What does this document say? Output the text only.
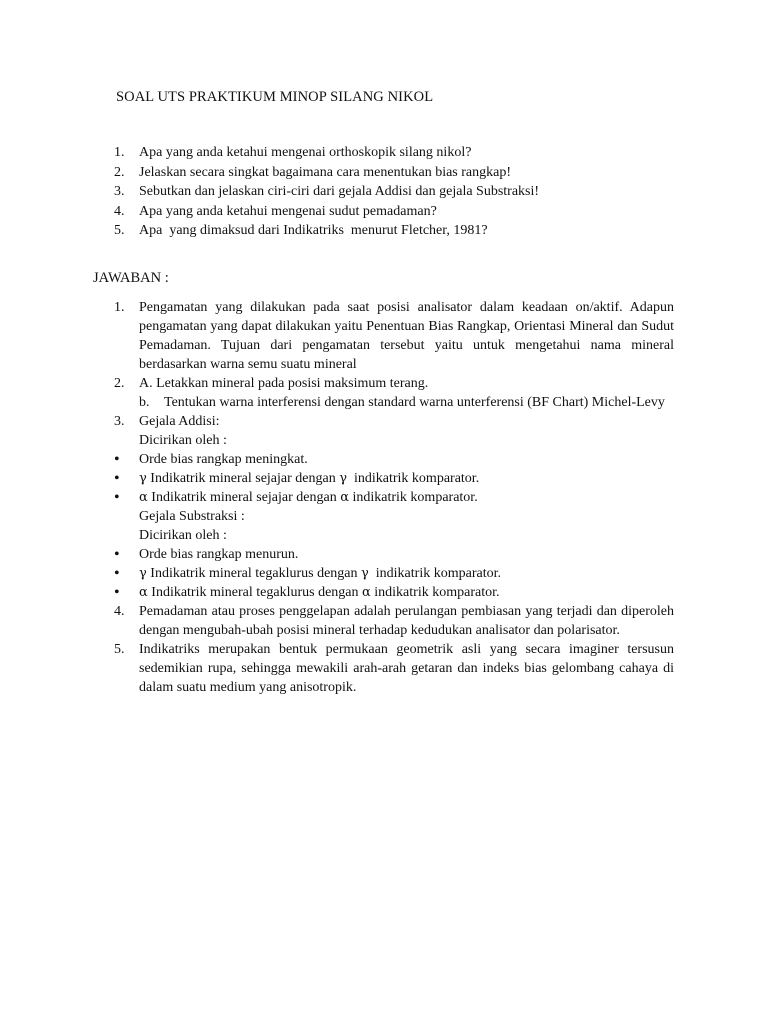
SOAL UTS PRAKTIKUM MINOP SILANG NIKOL
1.	Apa yang anda ketahui mengenai orthoskopik silang nikol?
2.	Jelaskan secara singkat bagaimana cara menentukan bias rangkap!
3.	Sebutkan dan jelaskan ciri-ciri dari gejala Addisi dan gejala Substraksi!
4.	Apa yang anda ketahui mengenai sudut pemadaman?
5.	Apa  yang dimaksud dari Indikatriks  menurut Fletcher, 1981?
JAWABAN :
1.	Pengamatan yang dilakukan pada saat posisi analisator dalam keadaan on/aktif. Adapun pengamatan yang dapat dilakukan yaitu Penentuan Bias Rangkap, Orientasi Mineral dan Sudut Pemadaman. Tujuan dari pengamatan tersebut yaitu untuk mengetahui nama mineral berdasarkan warna semu suatu mineral
2.	A. Letakkan mineral pada posisi maksimum terang.
b.	Tentukan warna interferensi dengan standard warna unterferensi (BF Chart) Michel-Levy
3.	Gejala Addisi:
Dicirikan oleh :
•	Orde bias rangkap meningkat.
•	γ Indikatrik mineral sejajar dengan γ  indikatrik komparator.
•	α Indikatrik mineral sejajar dengan α indikatrik komparator.
Gejala Substraksi :
Dicirikan oleh :
•	Orde bias rangkap menurun.
•	γ Indikatrik mineral tegaklurus dengan γ  indikatrik komparator.
•	α Indikatrik mineral tegaklurus dengan α indikatrik komparator.
4.	Pemadaman atau proses penggelapan adalah perulangan pembiasan yang terjadi dan diperoleh dengan mengubah-ubah posisi mineral terhadap kedudukan analisator dan polarisator.
5.	Indikatriks merupakan bentuk permukaan geometrik asli yang secara imaginer tersusun sedemikian rupa, sehingga mewakili arah-arah getaran dan indeks bias gelombang cahaya di dalam suatu medium yang anisotropik.
